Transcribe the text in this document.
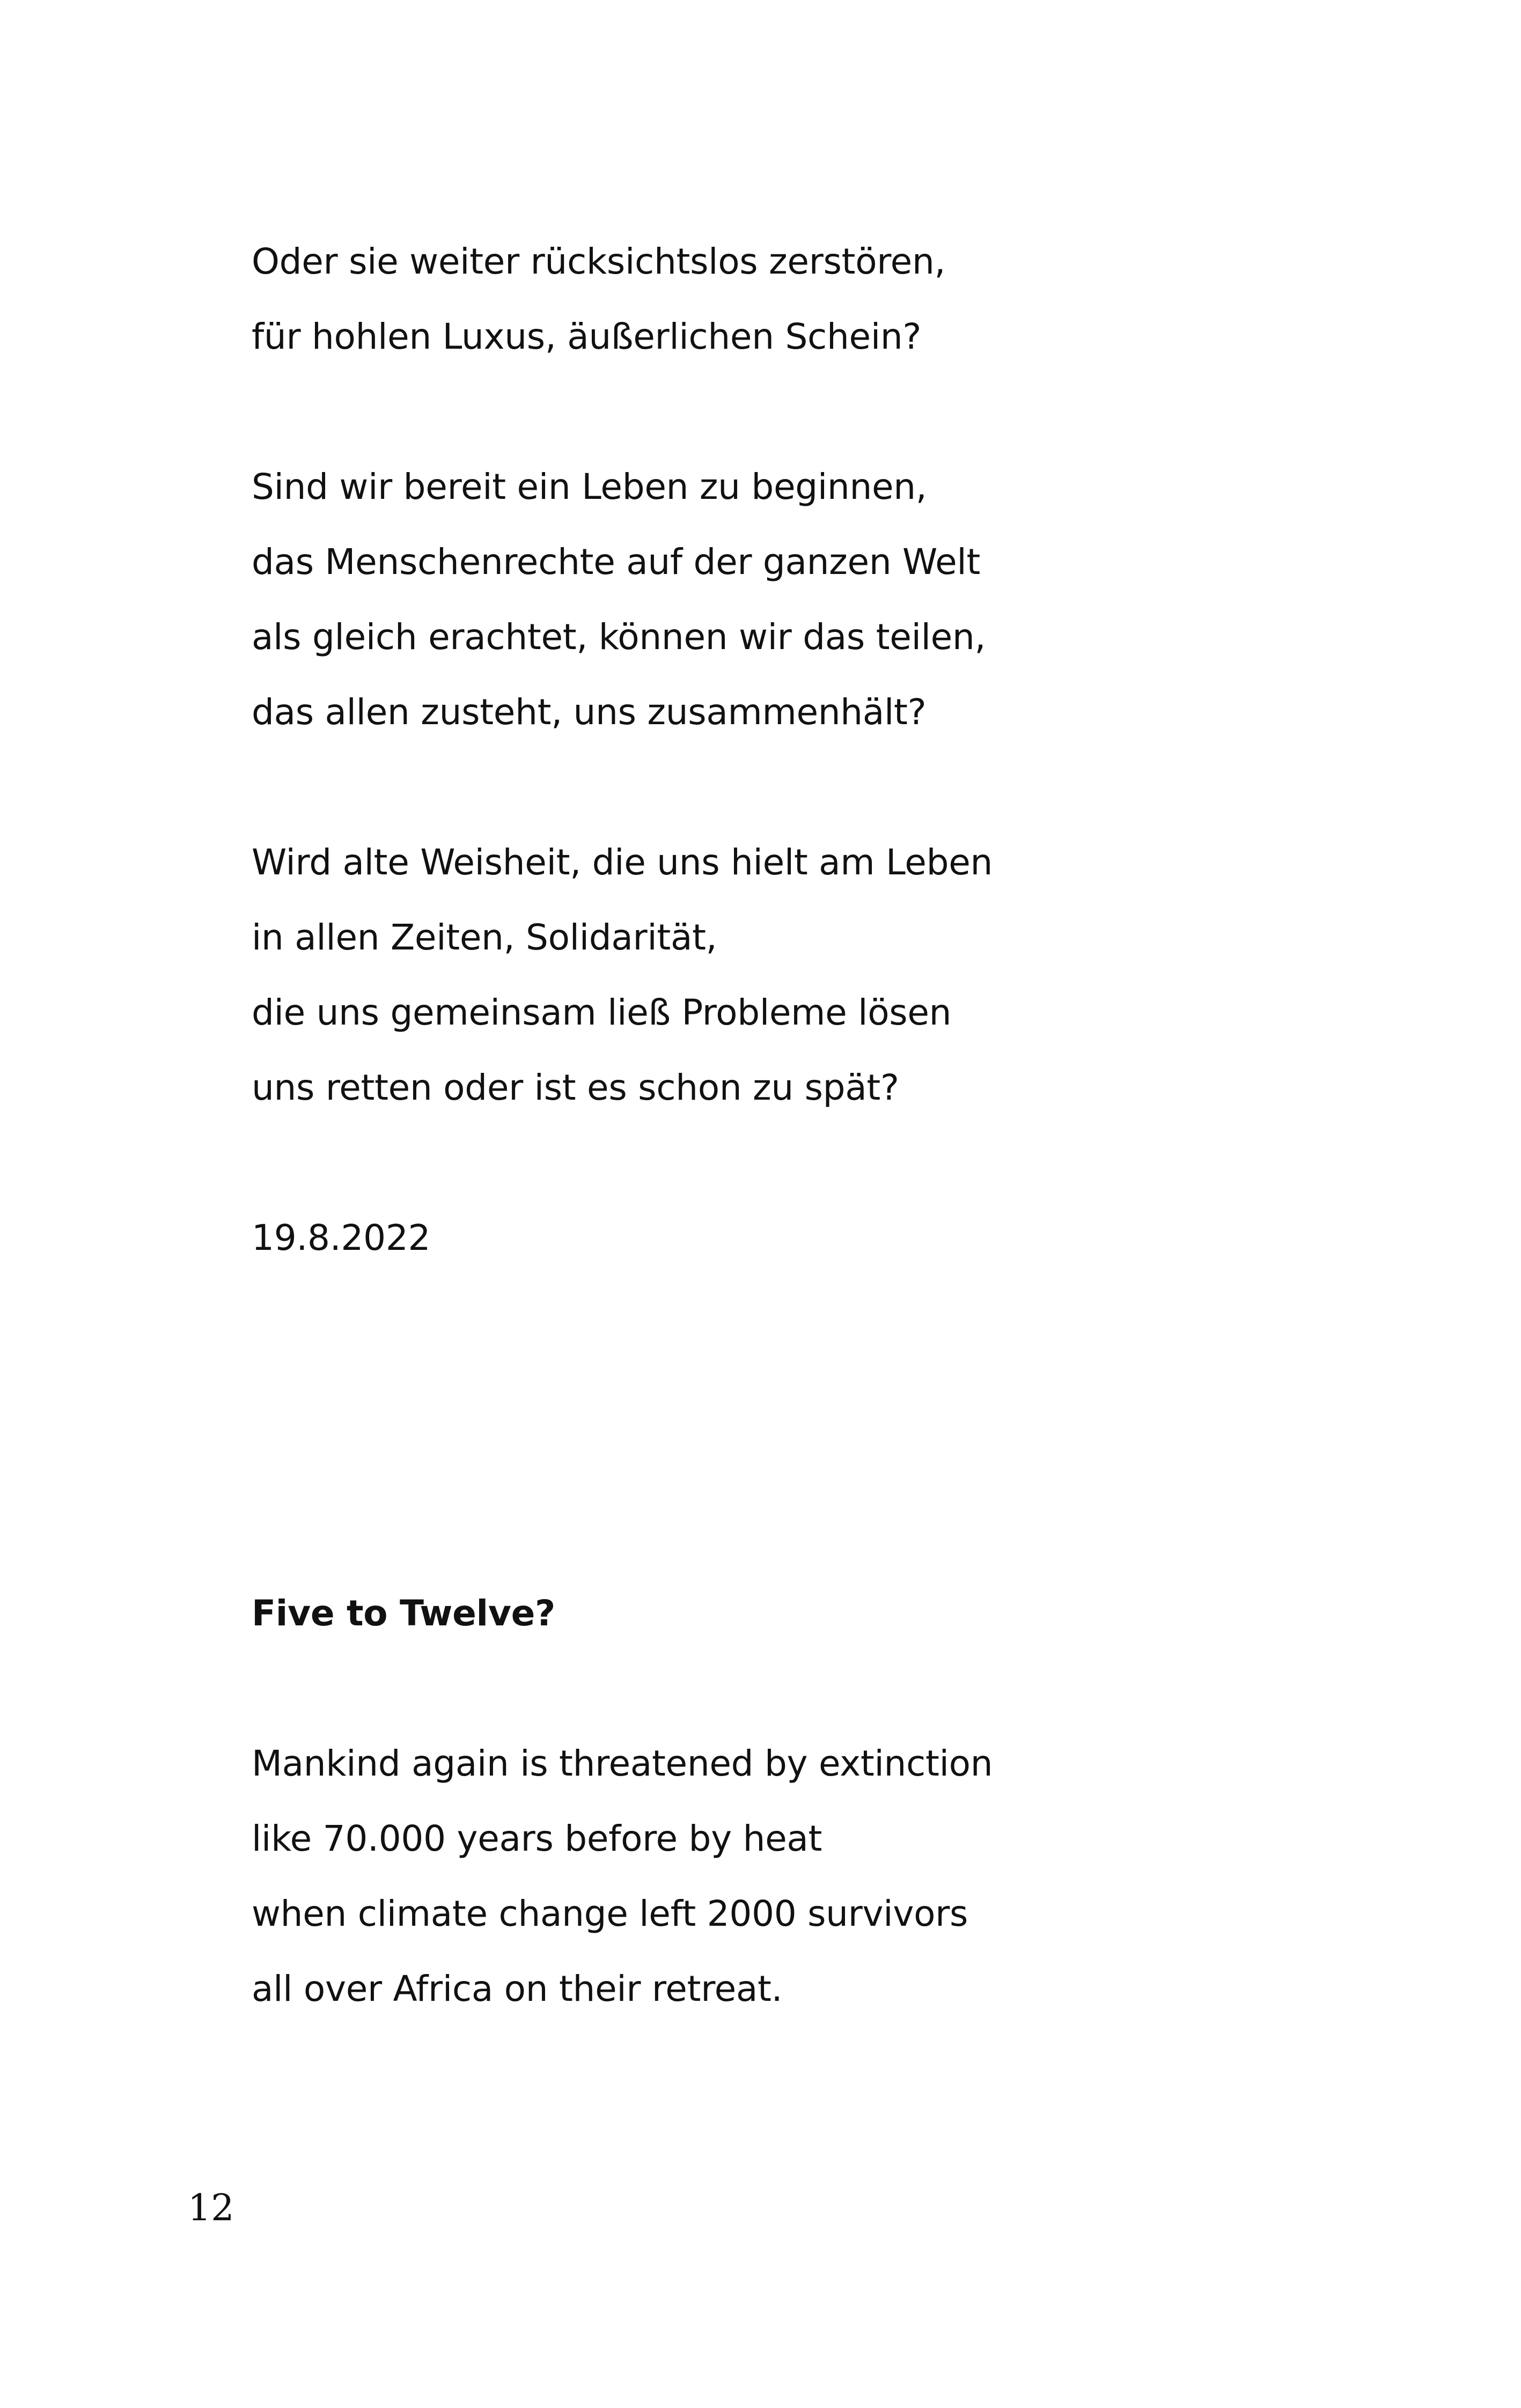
Oder sie weiter rücksichtslos zerstören,
für hohlen Luxus, äußerlichen Schein?
Sind wir bereit ein Leben zu beginnen,
das Menschenrechte auf der ganzen Welt
als gleich erachtet, können wir das teilen,
das allen zusteht, uns zusammenhält?
Wird alte Weisheit, die uns hielt am Leben
in allen Zeiten, Solidarität,
die uns gemeinsam ließ Probleme lösen
uns retten oder ist es schon zu spät?
19.8.2022
Five to Twelve?
Mankind again is threatened by extinction
like 70.000 years before by heat
when climate change left 2000 survivors
all over Africa on their retreat.
12
